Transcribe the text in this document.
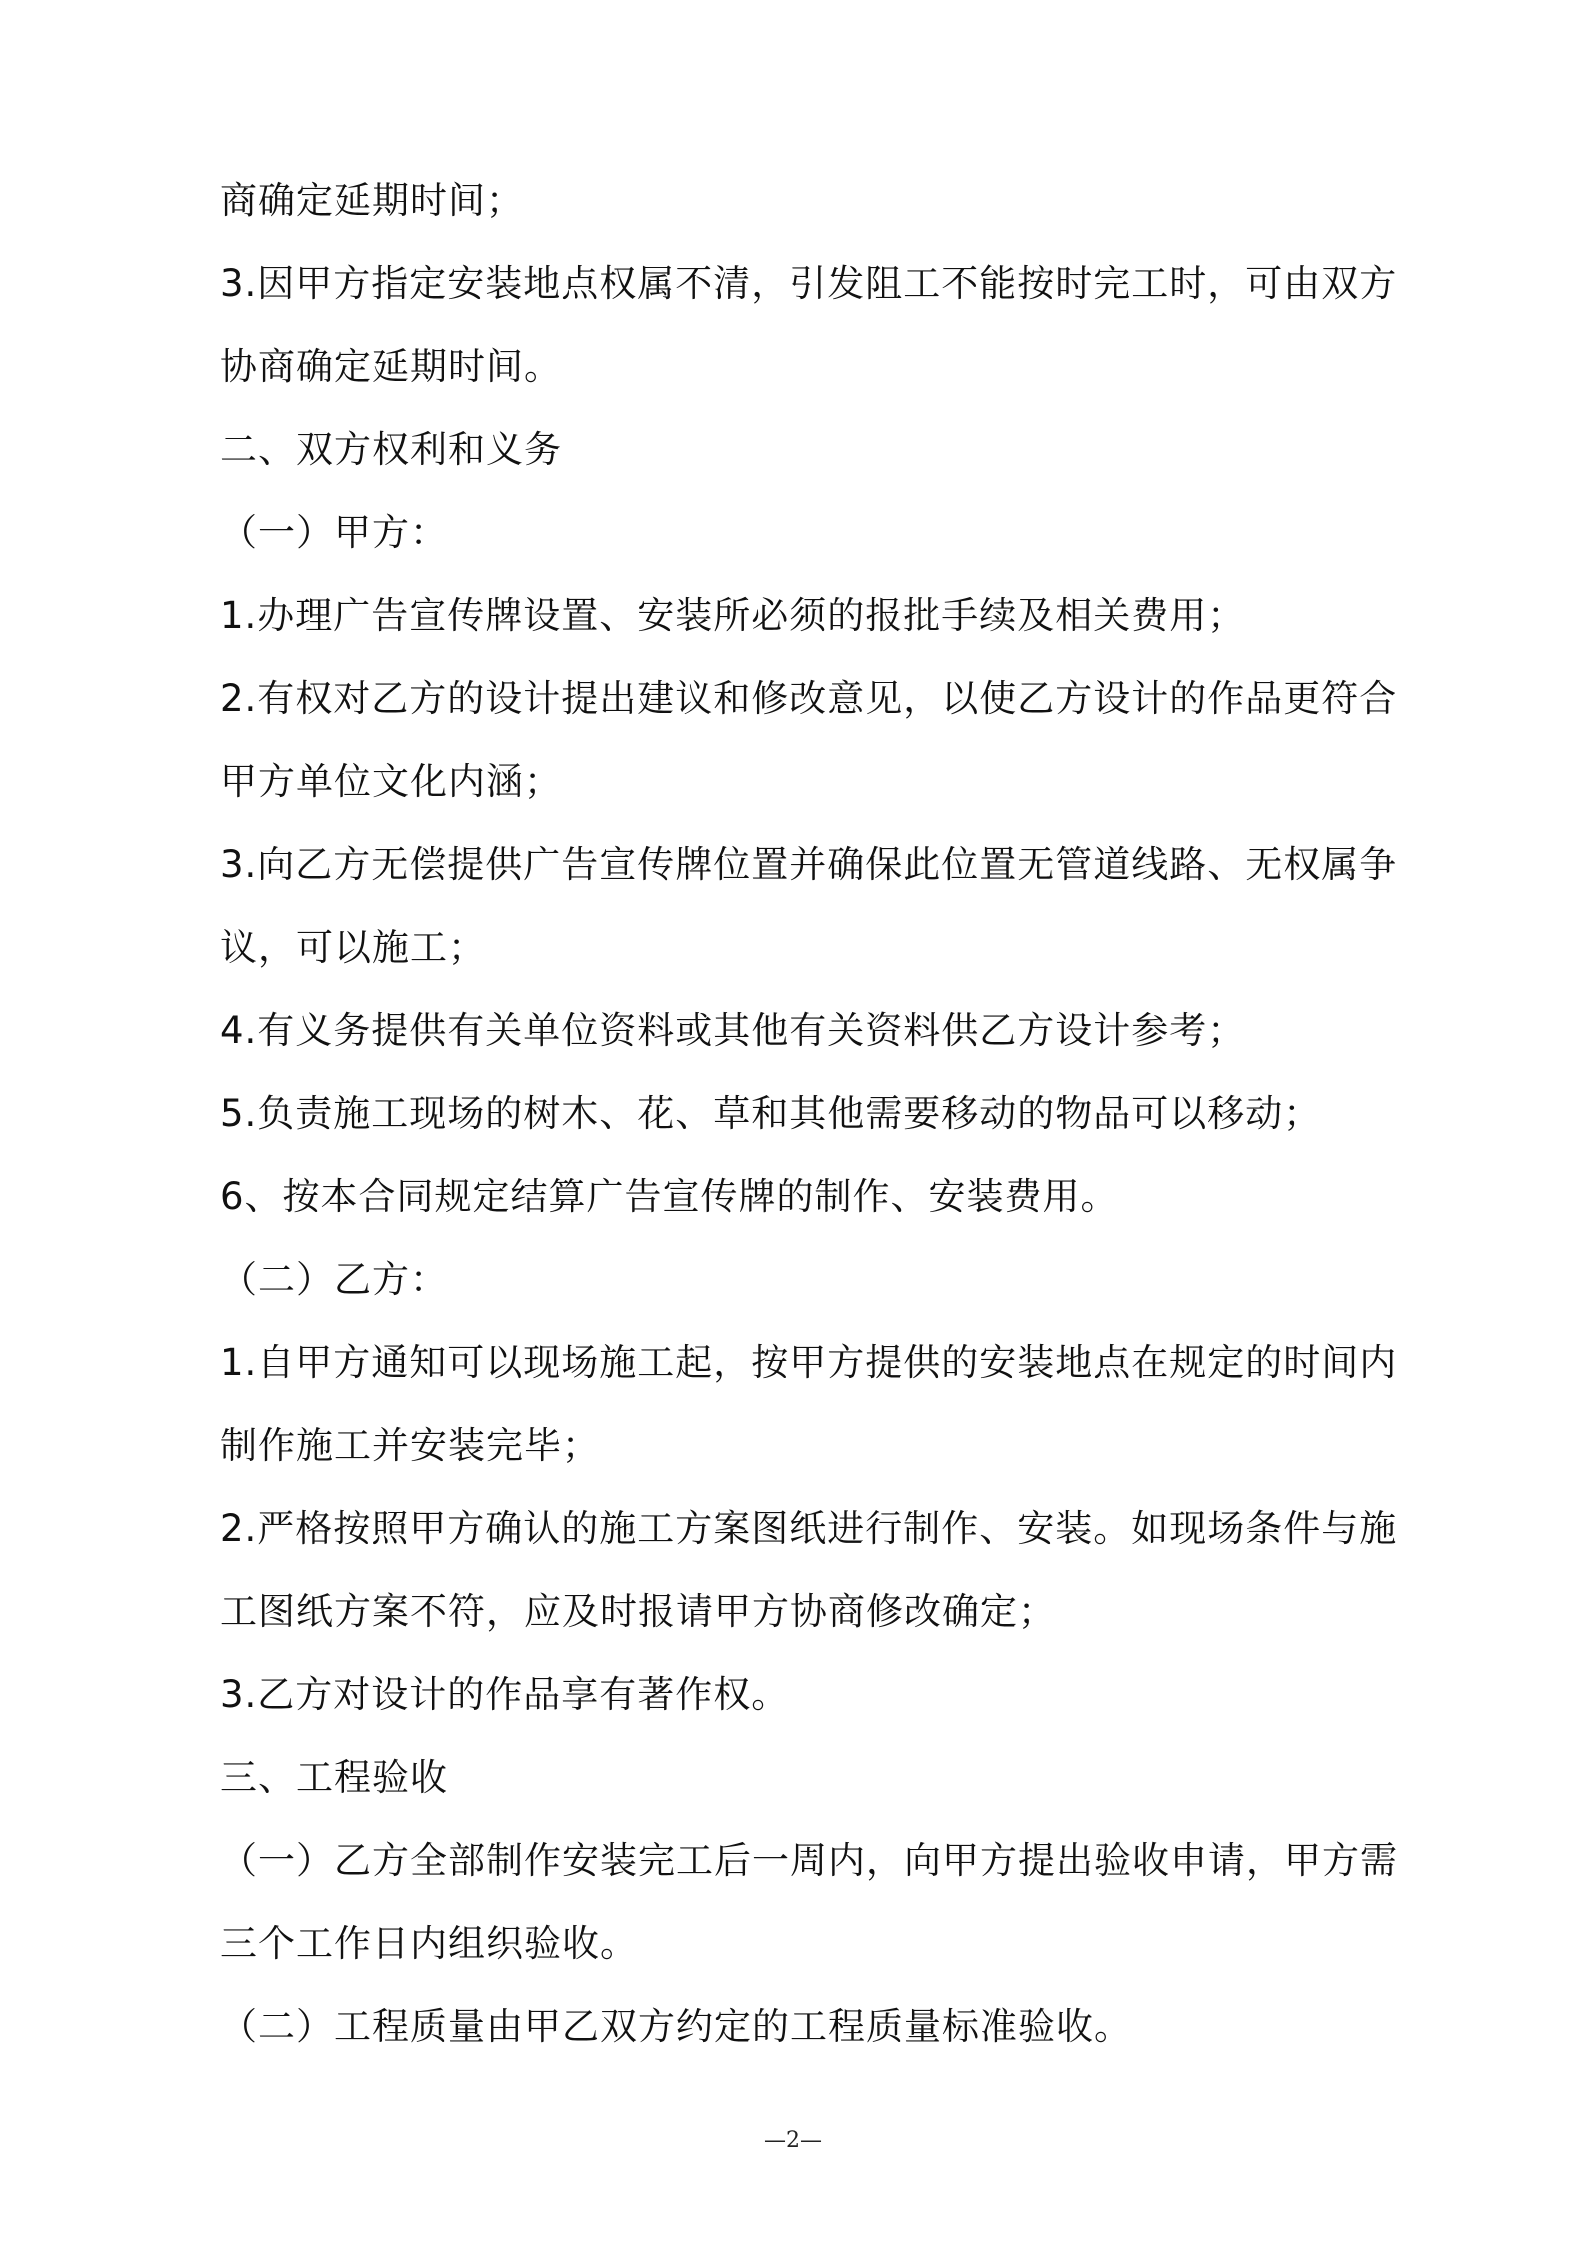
商确定延期时间；
3.因甲方指定安装地点权属不清，引发阻工不能按时完工时，可由双方
协商确定延期时间。
二、双方权利和义务
（一）甲方：
1.办理广告宣传牌设置、安装所必须的报批手续及相关费用；
2.有权对乙方的设计提出建议和修改意见，以使乙方设计的作品更符合
甲方单位文化内涵；
3.向乙方无偿提供广告宣传牌位置并确保此位置无管道线路、无权属争
议，可以施工；
4.有义务提供有关单位资料或其他有关资料供乙方设计参考；
5.负责施工现场的树木、花、草和其他需要移动的物品可以移动；
6、按本合同规定结算广告宣传牌的制作、安装费用。
（二）乙方：
1.自甲方通知可以现场施工起，按甲方提供的安装地点在规定的时间内
制作施工并安装完毕；
2.严格按照甲方确认的施工方案图纸进行制作、安装。如现场条件与施
工图纸方案不符，应及时报请甲方协商修改确定；
3.乙方对设计的作品享有著作权。
三、工程验收
（一）乙方全部制作安装完工后一周内，向甲方提出验收申请，甲方需
三个工作日内组织验收。
（二）工程质量由甲乙双方约定的工程质量标准验收。
—2—
